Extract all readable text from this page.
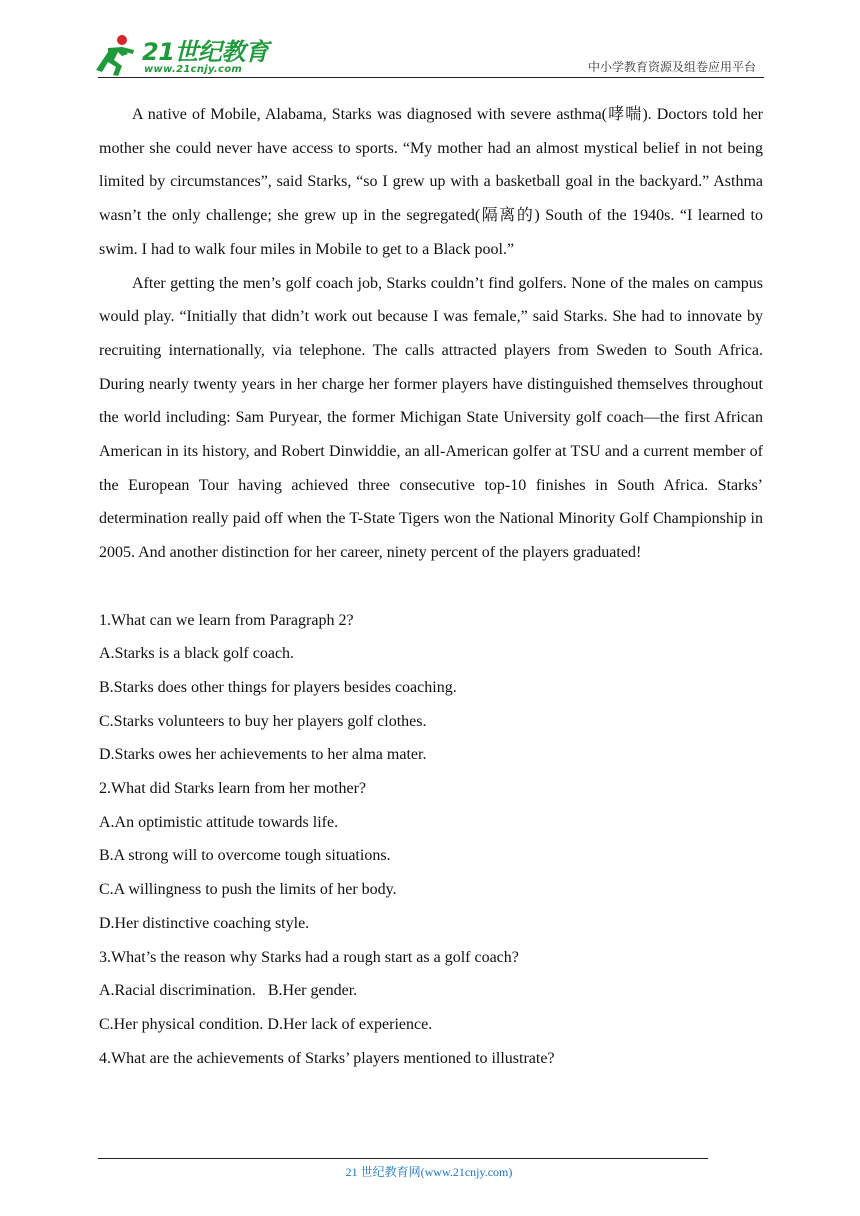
21世纪教育
www.21cnjy.com	中小学教育资源及组卷应用平台

A native of Mobile, Alabama, Starks was diagnosed with severe asthma(哮喘). Doctors told her mother she could never have access to sports. “My mother had an almost mystical belief in not being limited by circumstances”, said Starks, “so I grew up with a basketball goal in the backyard.” Asthma wasn’t the only challenge; she grew up in the segregated(隔离的) South of the 1940s. “I learned to swim. I had to walk four miles in Mobile to get to a Black pool.”

After getting the men’s golf coach job, Starks couldn’t find golfers. None of the males on campus would play. “Initially that didn’t work out because I was female,” said Starks. She had to innovate by recruiting internationally, via telephone. The calls attracted players from Sweden to South Africa. During nearly twenty years in her charge her former players have distinguished themselves throughout the world including: Sam Puryear, the former Michigan State University golf coach—the first African American in its history, and Robert Dinwiddie, an all-American golfer at TSU and a current member of the European Tour having achieved three consecutive top-10 finishes in South Africa. Starks’ determination really paid off when the T-State Tigers won the National Minority Golf Championship in 2005. And another distinction for her career, ninety percent of the players graduated!

1.What can we learn from Paragraph 2?

A.Starks is a black golf coach.

B.Starks does other things for players besides coaching.

C.Starks volunteers to buy her players golf clothes.

D.Starks owes her achievements to her alma mater.

2.What did Starks learn from her mother?

A.An optimistic attitude towards life.

B.A strong will to overcome tough situations.

C.A willingness to push the limits of her body.

D.Her distinctive coaching style.

3.What’s the reason why Starks had a rough start as a golf coach?

A.Racial discrimination.   B.Her gender.

C.Her physical condition. D.Her lack of experience.

4.What are the achievements of Starks’ players mentioned to illustrate?

21 世纪教育网(www.21cnjy.com)
